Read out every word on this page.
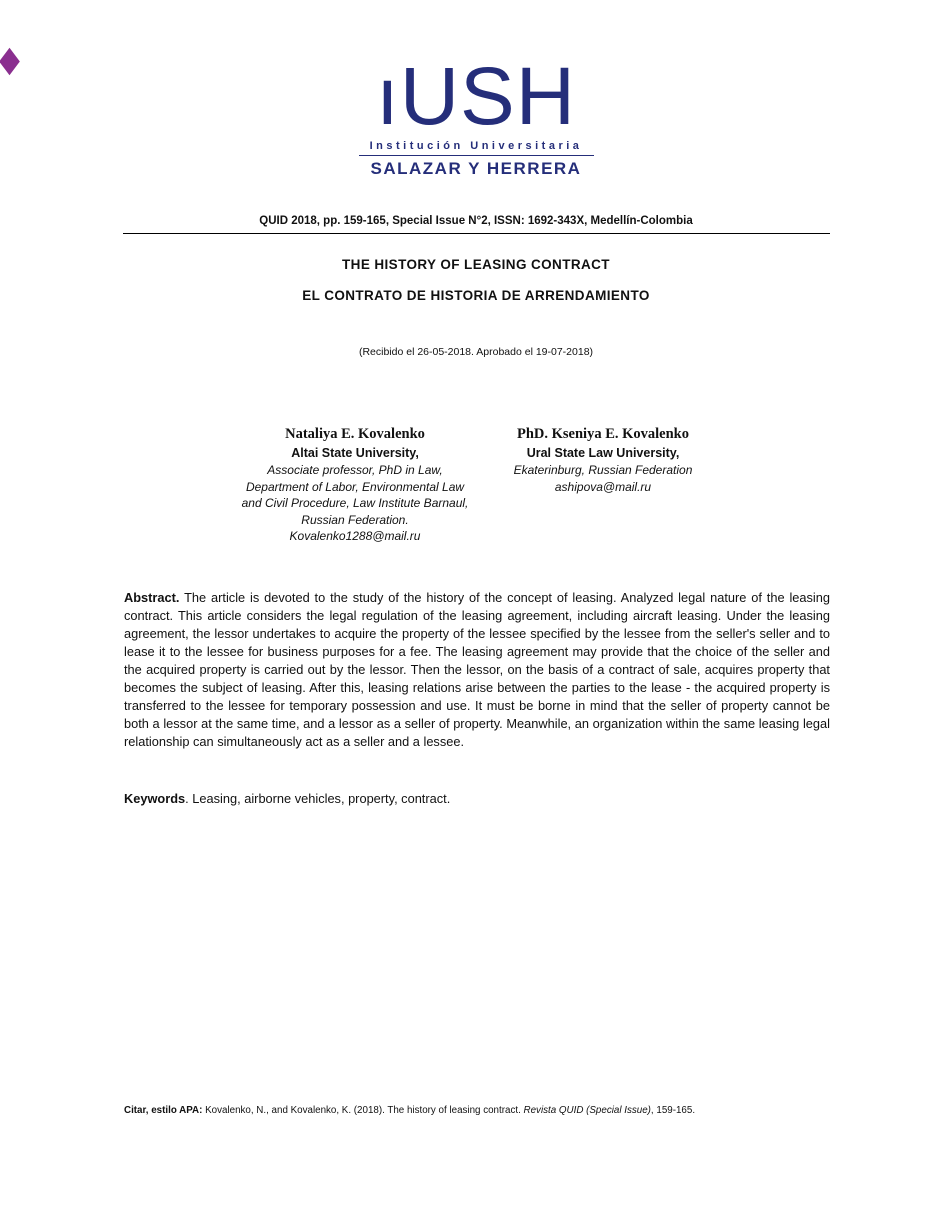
ıUSH
Institución Universitaria
SALAZAR Y HERRERA
QUID 2018, pp. 159-165, Special Issue N°2, ISSN: 1692-343X, Medellín-Colombia
THE HISTORY OF LEASING CONTRACT
EL CONTRATO DE HISTORIA DE ARRENDAMIENTO
(Recibido el 26-05-2018. Aprobado el 19-07-2018)
Nataliya E. Kovalenko
Altai State University,
Associate professor, PhD in Law, Department of Labor, Environmental Law and Civil Procedure, Law Institute Barnaul, Russian Federation.
Kovalenko1288@mail.ru
PhD. Kseniya E. Kovalenko
Ural State Law University,
Ekaterinburg, Russian Federation
ashipova@mail.ru
Abstract. The article is devoted to the study of the history of the concept of leasing. Analyzed legal nature of the leasing contract. This article considers the legal regulation of the leasing agreement, including aircraft leasing. Under the leasing agreement, the lessor undertakes to acquire the property of the lessee specified by the lessee from the seller's seller and to lease it to the lessee for business purposes for a fee. The leasing agreement may provide that the choice of the seller and the acquired property is carried out by the lessor. Then the lessor, on the basis of a contract of sale, acquires property that becomes the subject of leasing. After this, leasing relations arise between the parties to the lease - the acquired property is transferred to the lessee for temporary possession and use. It must be borne in mind that the seller of property cannot be both a lessor at the same time, and a lessor as a seller of property. Meanwhile, an organization within the same leasing legal relationship can simultaneously act as a seller and a lessee.
Keywords. Leasing, airborne vehicles, property, contract.
Citar, estilo APA: Kovalenko, N., and Kovalenko, K. (2018). The history of leasing contract. Revista QUID (Special Issue), 159-165.
